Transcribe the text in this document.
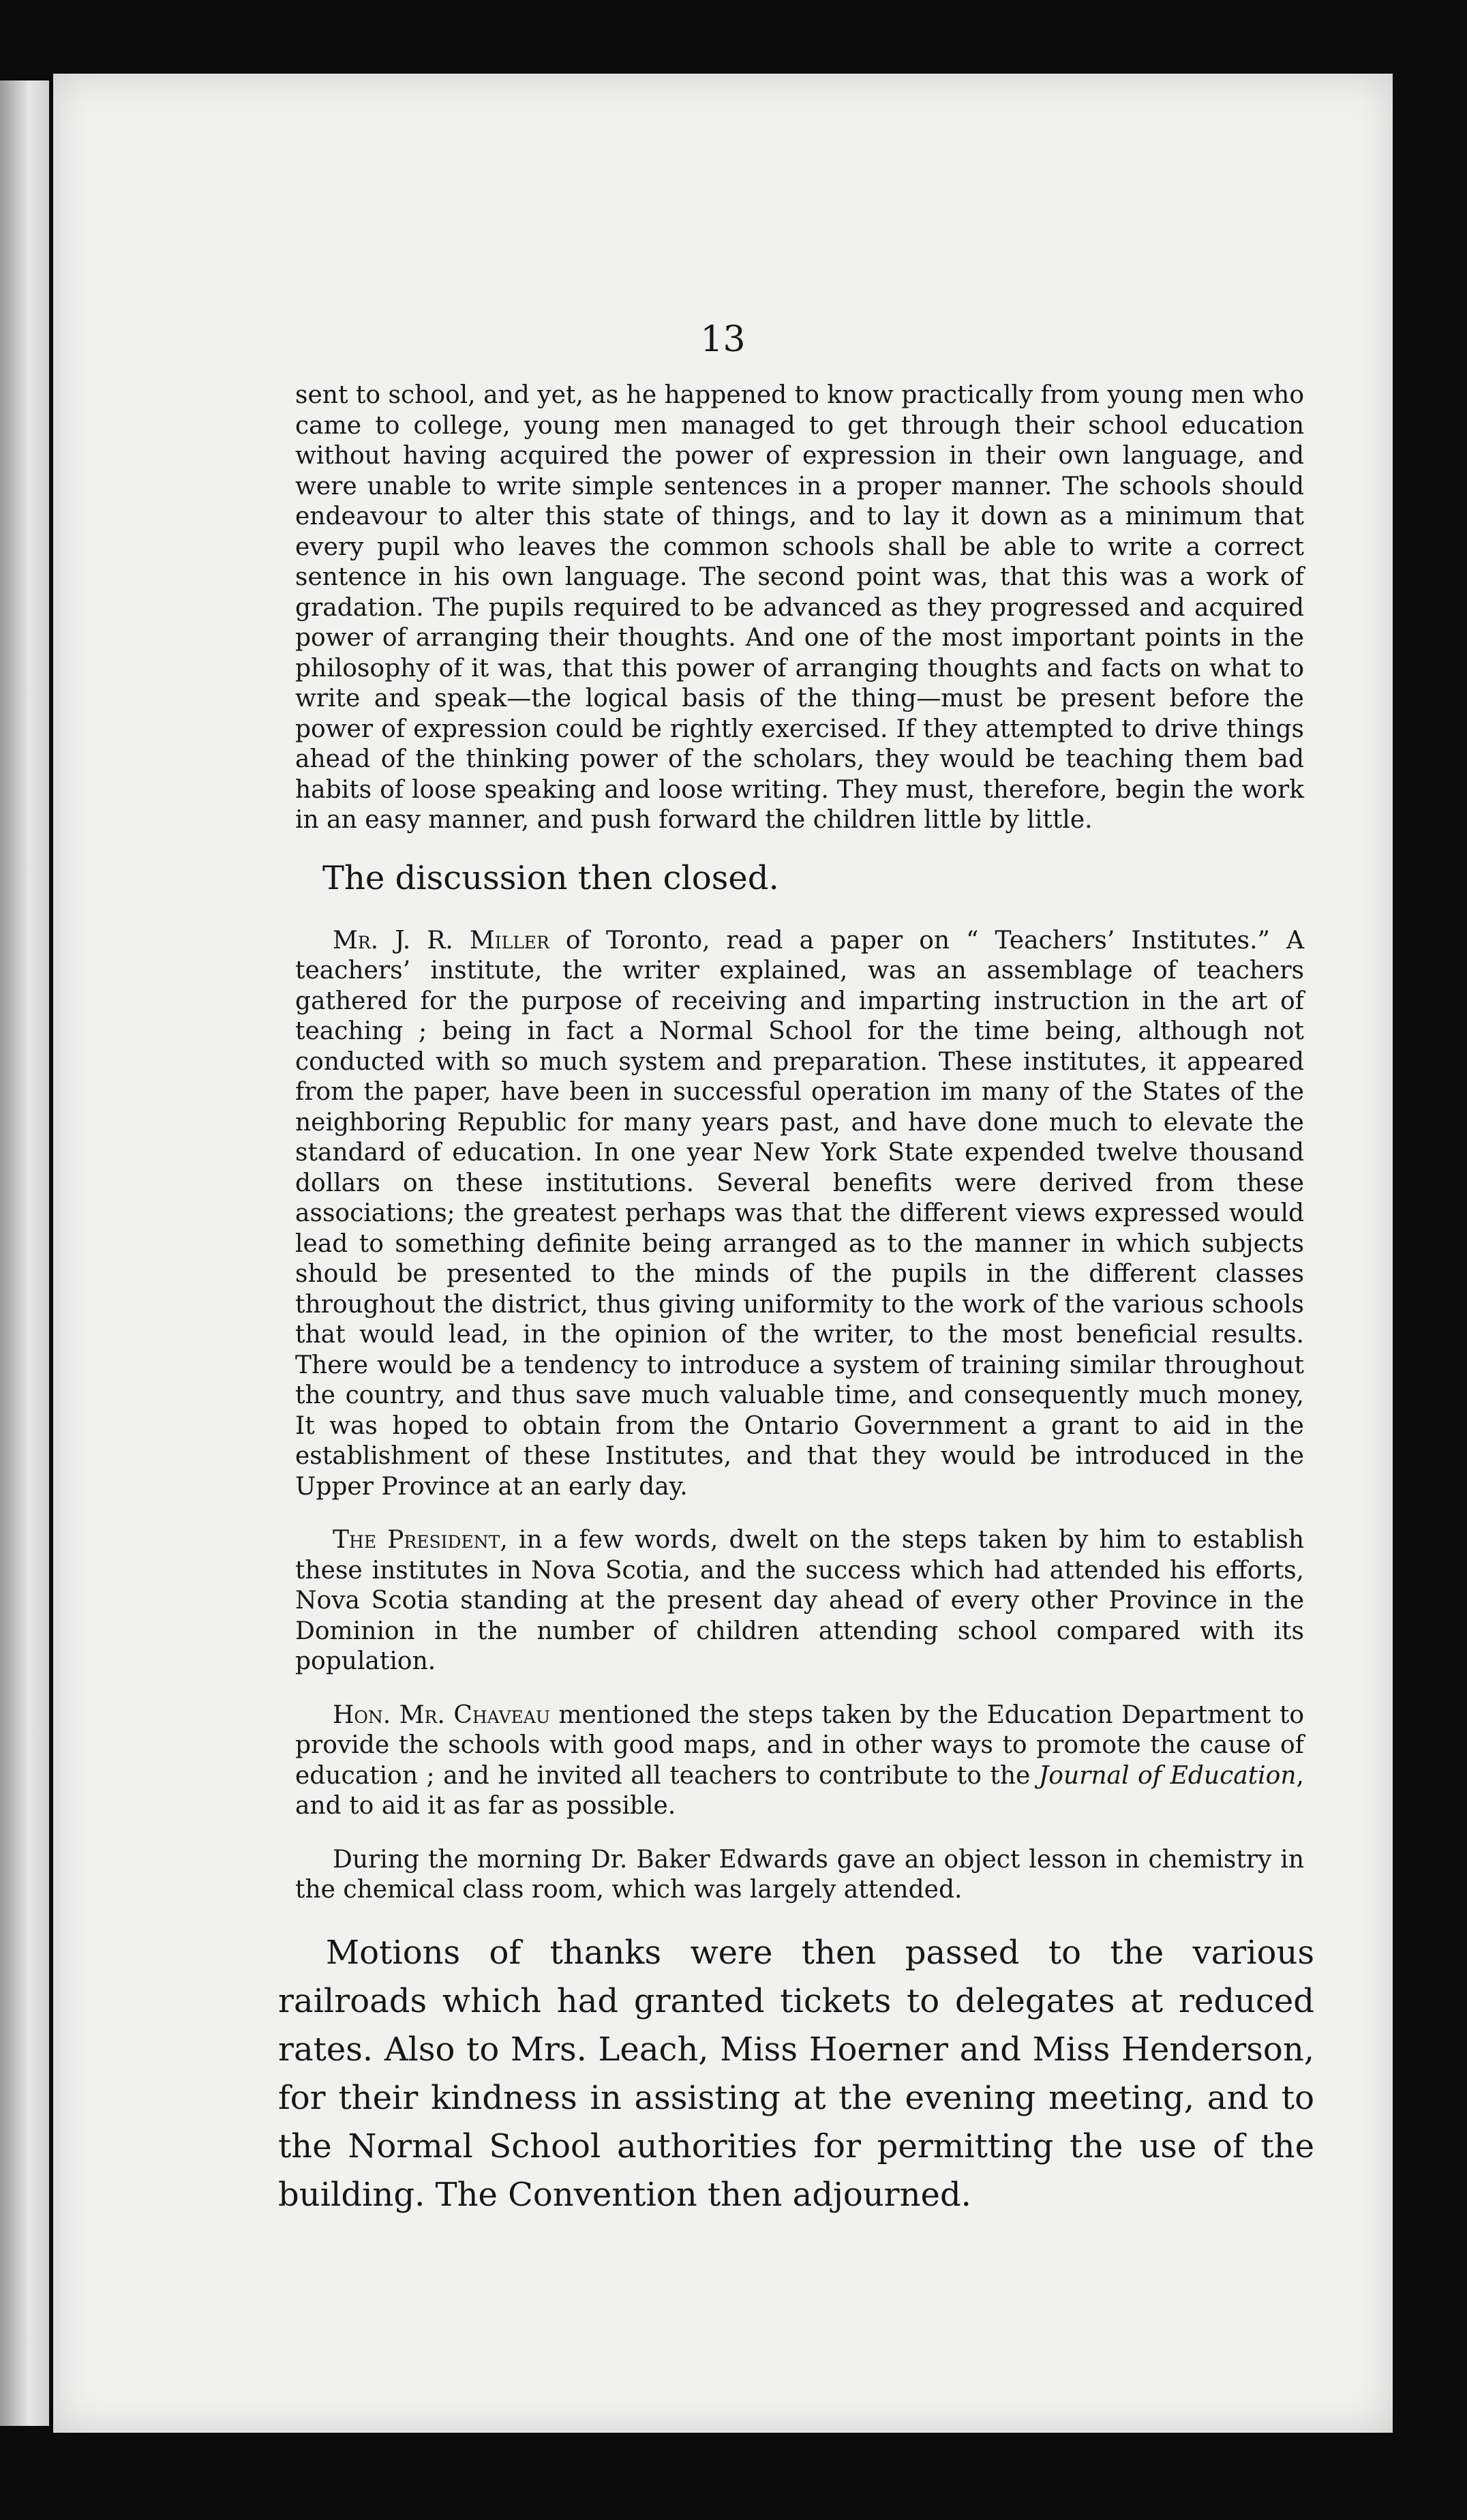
13

sent to school, and yet, as he happened to know practically from young men who came to college, young men managed to get through their school education without having acquired the power of expression in their own language, and were unable to write simple sentences in a proper manner. The schools should endeavour to alter this state of things, and to lay it down as a minimum that every pupil who leaves the common schools shall be able to write a correct sentence in his own language. The second point was, that this was a work of gradation. The pupils required to be advanced as they progressed and acquired power of arranging their thoughts. And one of the most important points in the philosophy of it was, that this power of arranging thoughts and facts on what to write and speak—the logical basis of the thing—must be present before the power of expression could be rightly exercised. If they attempted to drive things ahead of the thinking power of the scholars, they would be teaching them bad habits of loose speaking and loose writing. They must, therefore, begin the work in an easy manner, and push forward the children little by little.

The discussion then closed.

Mr. J. R. Miller of Toronto, read a paper on “ Teachers’ Institutes.” A teachers’ institute, the writer explained, was an assemblage of teachers gathered for the purpose of receiving and imparting instruction in the art of teaching ; being in fact a Normal School for the time being, although not conducted with so much system and preparation. These institutes, it appeared from the paper, have been in successful operation im many of the States of the neighboring Republic for many years past, and have done much to elevate the standard of education. In one year New York State expended twelve thousand dollars on these institutions. Several benefits were derived from these associations; the greatest perhaps was that the different views expressed would lead to something definite being arranged as to the manner in which subjects should be presented to the minds of the pupils in the different classes throughout the district, thus giving uniformity to the work of the various schools that would lead, in the opinion of the writer, to the most beneficial results. There would be a tendency to introduce a system of training similar throughout the country, and thus save much valuable time, and consequently much money, It was hoped to obtain from the Ontario Government a grant to aid in the establishment of these Institutes, and that they would be introduced in the Upper Province at an early day.

The President, in a few words, dwelt on the steps taken by him to establish these institutes in Nova Scotia, and the success which had attended his efforts, Nova Scotia standing at the present day ahead of every other Province in the Dominion in the number of children attending school compared with its population.

Hon. Mr. Chaveau mentioned the steps taken by the Education Department to provide the schools with good maps, and in other ways to promote the cause of education ; and he invited all teachers to contribute to the Journal of Education, and to aid it as far as possible.

During the morning Dr. Baker Edwards gave an object lesson in chemistry in the chemical class room, which was largely attended.

Motions of thanks were then passed to the various railroads which had granted tickets to delegates at reduced rates. Also to Mrs. Leach, Miss Hoerner and Miss Henderson, for their kindness in assisting at the evening meeting, and to the Normal School authorities for permitting the use of the building. The Convention then adjourned.
